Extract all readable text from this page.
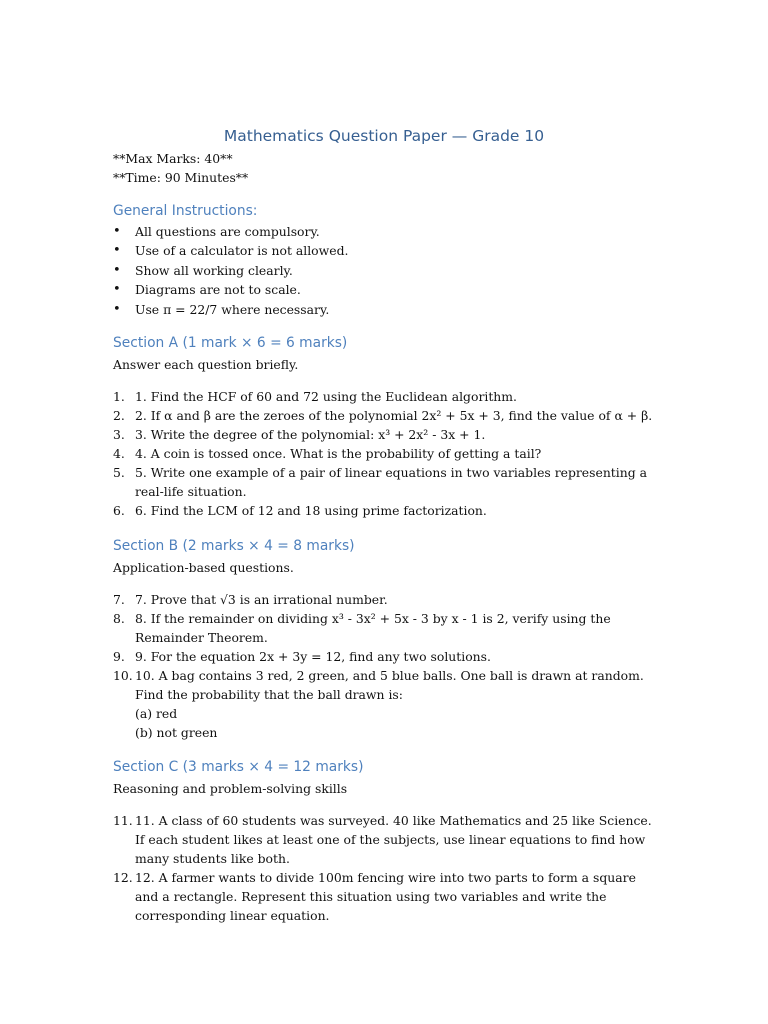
Mathematics Question Paper — Grade 10
**Max Marks: 40**
**Time: 90 Minutes**
General Instructions:
• All questions are compulsory.
• Use of a calculator is not allowed.
• Show all working clearly.
• Diagrams are not to scale.
• Use π = 22/7 where necessary.
Section A (1 mark × 6 = 6 marks)
Answer each question briefly.
1. 1. Find the HCF of 60 and 72 using the Euclidean algorithm.
2. 2. If α and β are the zeroes of the polynomial 2x² + 5x + 3, find the value of α + β.
3. 3. Write the degree of the polynomial: x³ + 2x² - 3x + 1.
4. 4. A coin is tossed once. What is the probability of getting a tail?
5. 5. Write one example of a pair of linear equations in two variables representing a real-life situation.
6. 6. Find the LCM of 12 and 18 using prime factorization.
Section B (2 marks × 4 = 8 marks)
Application-based questions.
7. 7. Prove that √3 is an irrational number.
8. 8. If the remainder on dividing x³ - 3x² + 5x - 3 by x - 1 is 2, verify using the Remainder Theorem.
9. 9. For the equation 2x + 3y = 12, find any two solutions.
10. 10. A bag contains 3 red, 2 green, and 5 blue balls. One ball is drawn at random. Find the probability that the ball drawn is:
(a) red
(b) not green
Section C (3 marks × 4 = 12 marks)
Reasoning and problem-solving skills
11. 11. A class of 60 students was surveyed. 40 like Mathematics and 25 like Science. If each student likes at least one of the subjects, use linear equations to find how many students like both.
12. 12. A farmer wants to divide 100m fencing wire into two parts to form a square and a rectangle. Represent this situation using two variables and write the corresponding linear equation.
